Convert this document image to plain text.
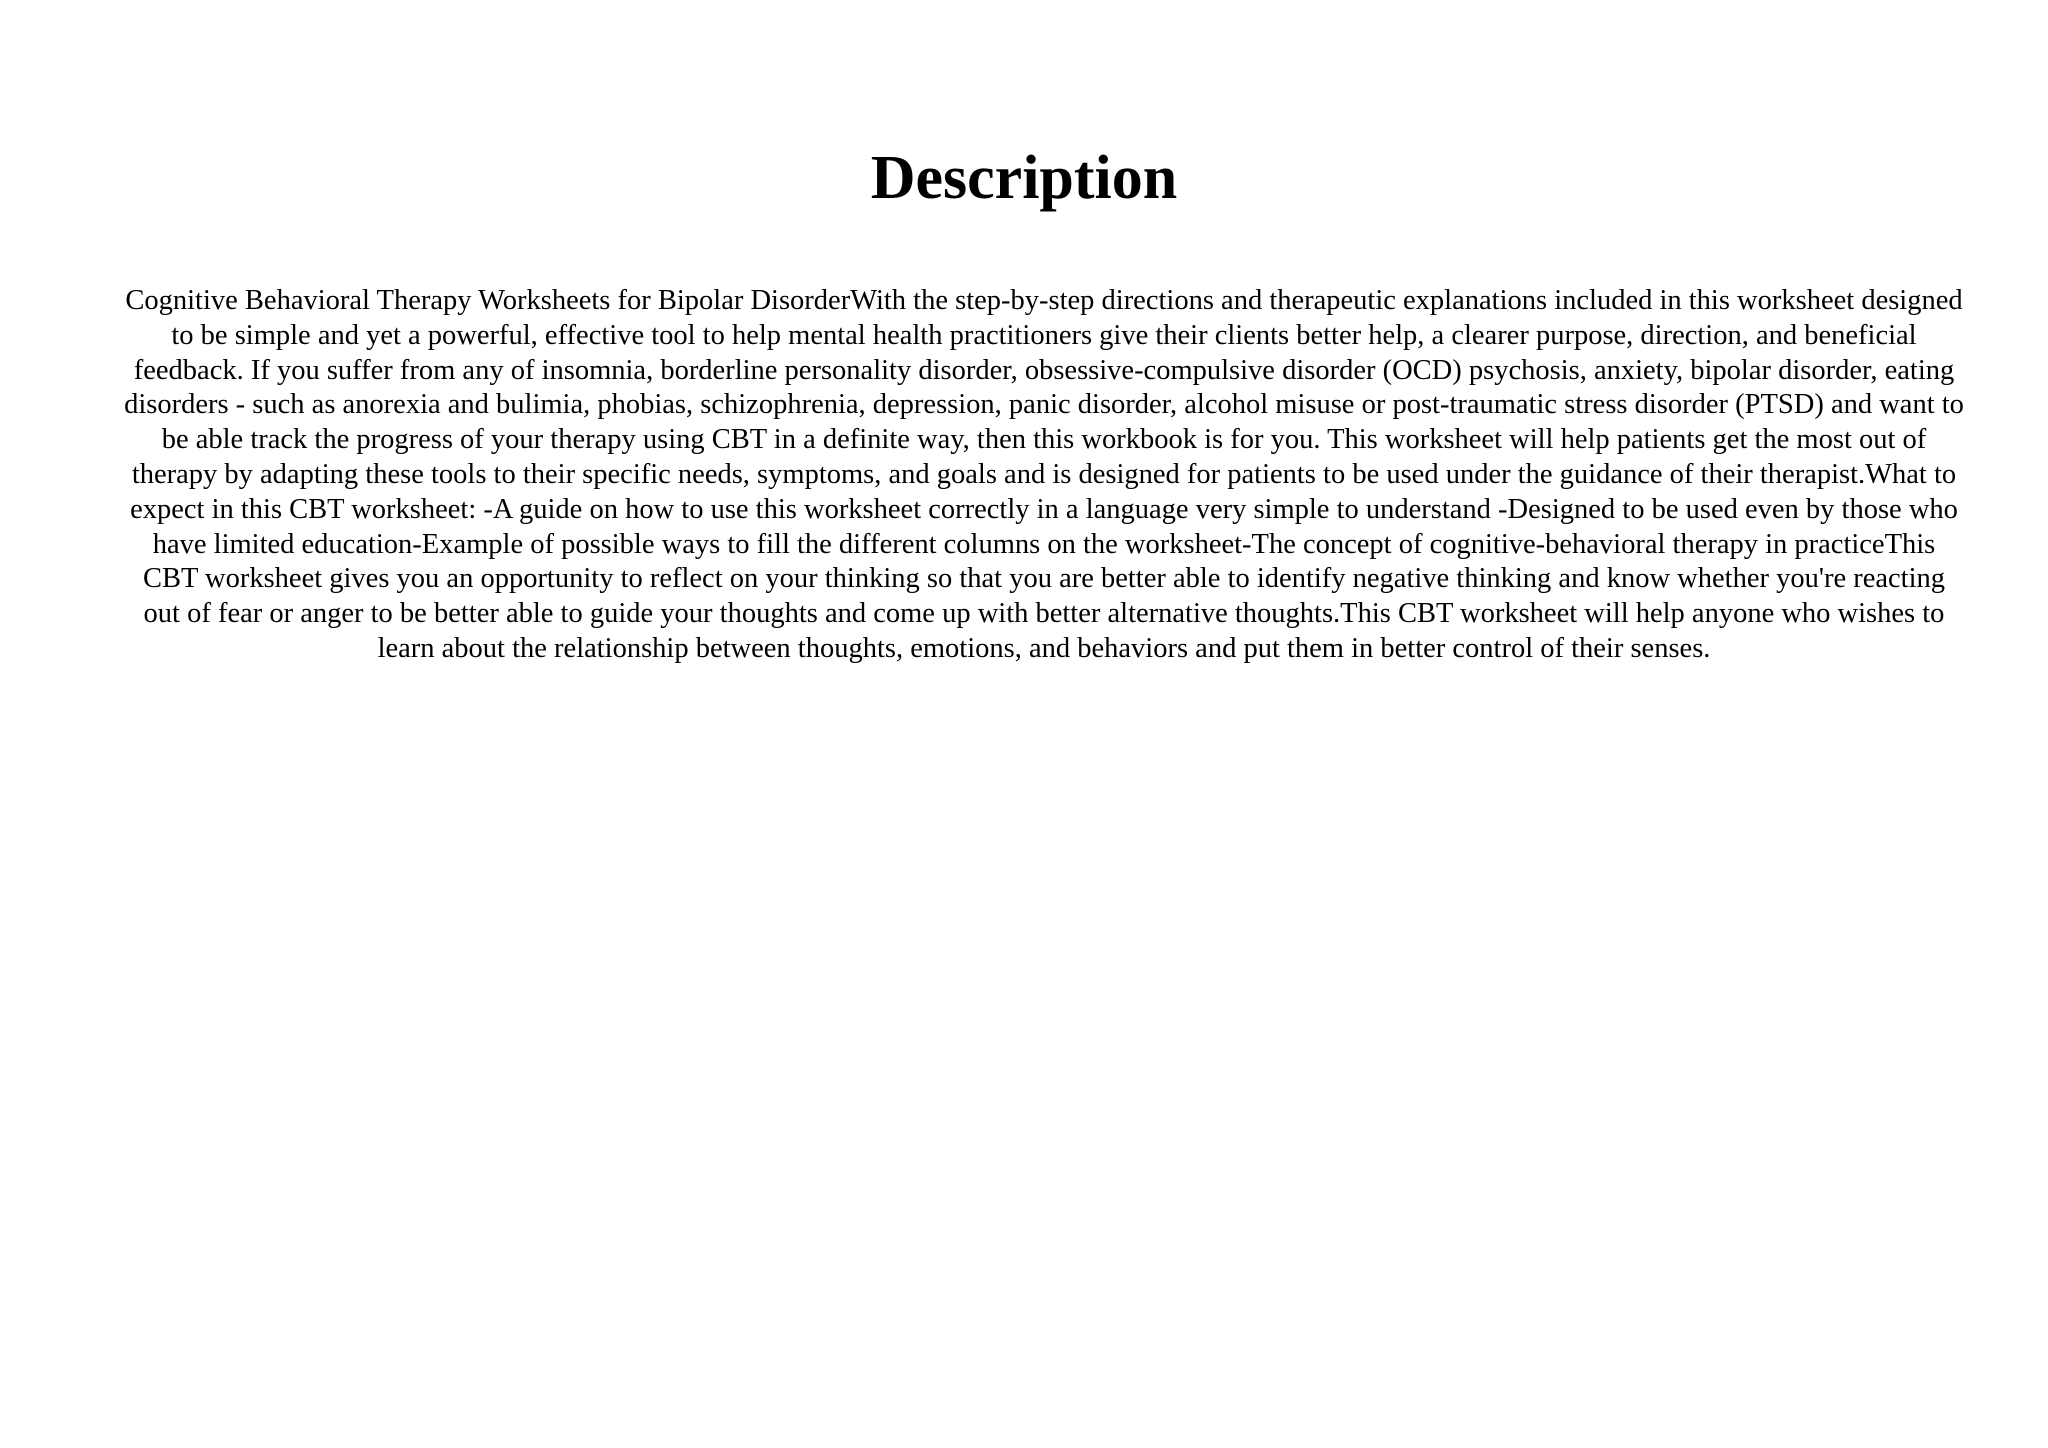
Description

Cognitive Behavioral Therapy Worksheets for Bipolar DisorderWith the step-by-step directions and therapeutic explanations included in this worksheet designed to be simple and yet a powerful, effective tool to help mental health practitioners give their clients better help, a clearer purpose, direction, and beneficial feedback. If you suffer from any of insomnia, borderline personality disorder, obsessive-compulsive disorder (OCD) psychosis, anxiety, bipolar disorder, eating disorders - such as anorexia and bulimia, phobias, schizophrenia, depression, panic disorder, alcohol misuse or post-traumatic stress disorder (PTSD) and want to be able track the progress of your therapy using CBT in a definite way, then this workbook is for you. This worksheet will help patients get the most out of therapy by adapting these tools to their specific needs, symptoms, and goals and is designed for patients to be used under the guidance of their therapist.What to expect in this CBT worksheet: -A guide on how to use this worksheet correctly in a language very simple to understand -Designed to be used even by those who have limited education-Example of possible ways to fill the different columns on the worksheet-The concept of cognitive-behavioral therapy in practiceThis CBT worksheet gives you an opportunity to reflect on your thinking so that you are better able to identify negative thinking and know whether you're reacting out of fear or anger to be better able to guide your thoughts and come up with better alternative thoughts.This CBT worksheet will help anyone who wishes to learn about the relationship between thoughts, emotions, and behaviors and put them in better control of their senses.
